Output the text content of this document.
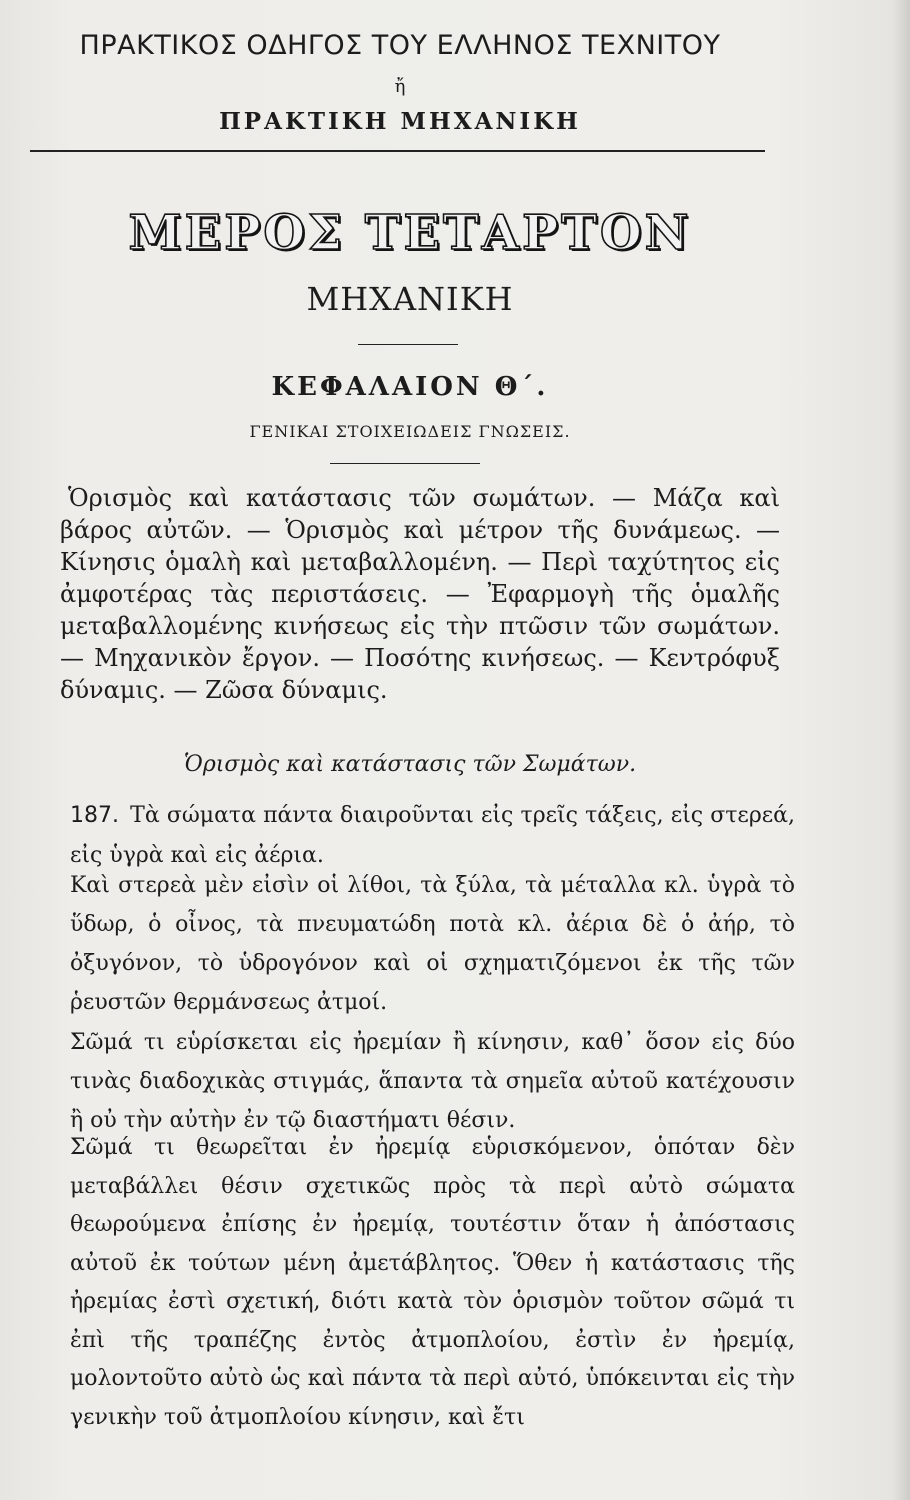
ΠΡΑΚΤΙΚΟΣ ΟΔΗΓΟΣ ΤΟΥ ΕΛΛΗΝΟΣ ΤΕΧΝΙΤΟΥ
ἤ
ΠΡΑΚΤΙΚΗ ΜΗΧΑΝΙΚΗ
ΜΕΡΟΣ ΤΕΤΑΡΤΟΝ
ΜΗΧΑΝΙΚΗ
ΚΕΦΑΛΑΙΟΝ Θ΄.
ΓΕΝΙΚΑΙ ΣΤΟΙΧΕΙΩΔΕΙΣ ΓΝΩΣΕΙΣ.

Ὁρισμὸς καὶ κατάστασις τῶν σωμάτων. — Μάζα καὶ βάρος αὐτῶν. — Ὁρισμὸς καὶ μέτρον τῆς δυνάμεως. — Κίνησις ὁμαλὴ καὶ μεταβαλλομένη. — Περὶ ταχύτητος εἰς ἀμφοτέρας τὰς περιστάσεις. — Ἐφαρμογὴ τῆς ὁμαλῆς μεταβαλλομένης κινήσεως εἰς τὴν πτῶσιν τῶν σωμάτων. — Μηχανικὸν ἔργον. — Ποσότης κινήσεως. — Κεντρόφυξ δύναμις. — Ζῶσα δύναμις.

Ὁρισμὸς καὶ κατάστασις τῶν Σωμάτων.

187. Τὰ σώματα πάντα διαιροῦνται εἰς τρεῖς τάξεις, εἰς στερεά, εἰς ὑγρὰ καὶ εἰς ἀέρια.

Καὶ στερεὰ μὲν εἰσὶν οἱ λίθοι, τὰ ξύλα, τὰ μέταλλα κλ. ὑγρὰ τὸ ὕδωρ, ὁ οἶνος, τὰ πνευματώδη ποτὰ κλ. ἀέρια δὲ ὁ ἀήρ, τὸ ὀξυγόνον, τὸ ὑδρογόνον καὶ οἱ σχηματιζόμενοι ἐκ τῆς τῶν ῥευστῶν θερμάνσεως ἀτμοί.

Σῶμά τι εὑρίσκεται εἰς ἠρεμίαν ἢ κίνησιν, καθ᾽ ὅσον εἰς δύο τινὰς διαδοχικὰς στιγμάς, ἅπαντα τὰ σημεῖα αὐτοῦ κατέχουσιν ἢ οὐ τὴν αὐτὴν ἐν τῷ διαστήματι θέσιν.

Σῶμά τι θεωρεῖται ἐν ἠρεμίᾳ εὑρισκόμενον, ὁπόταν δὲν μεταβάλλει θέσιν σχετικῶς πρὸς τὰ περὶ αὐτὸ σώματα θεωρούμενα ἐπίσης ἐν ἠρεμίᾳ, τουτέστιν ὅταν ἡ ἀπόστασις αὐτοῦ ἐκ τούτων μένη ἀμετάβλητος. Ὅθεν ἡ κατάστασις τῆς ἠρεμίας ἐστὶ σχετική, διότι κατὰ τὸν ὁρισμὸν τοῦτον σῶμά τι ἐπὶ τῆς τραπέζης ἐντὸς ἀτμοπλοίου, ἐστὶν ἐν ἠρεμίᾳ, μολοντοῦτο αὐτὸ ὡς καὶ πάντα τὰ περὶ αὐτό, ὑπόκεινται εἰς τὴν γενικὴν τοῦ ἀτμοπλοίου κίνησιν, καὶ ἔτι
